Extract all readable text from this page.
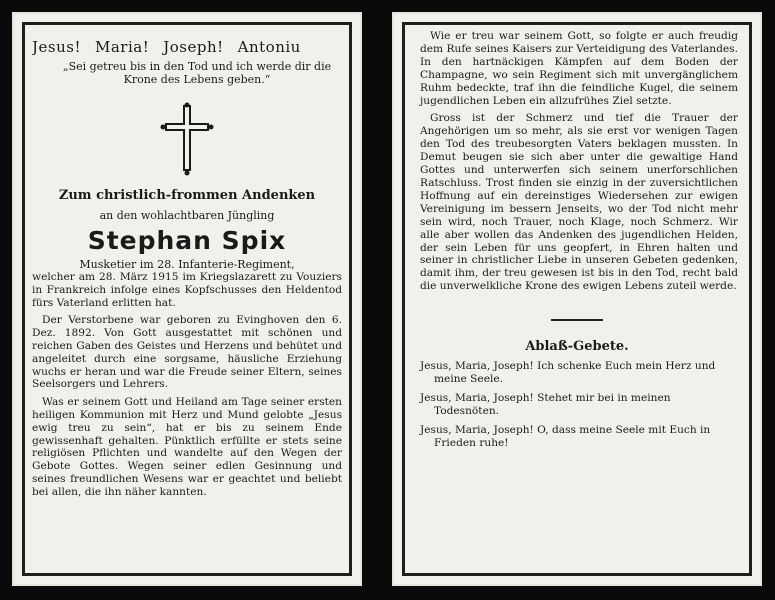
Jesus! Maria! Joseph! Antoniu
„Sei getreu bis in den Tod und ich werde dir die Krone des Lebens geben.“
Zum christlich-frommen Andenken
an den wohlachtbaren Jüngling
Stephan Spix
Musketier im 28. Infanterie-Regiment,

welcher am 28. März 1915 im Kriegslazarett zu Vouziers in Frankreich infolge eines Kopfschusses den Heldentod fürs Vaterland erlitten hat.

Der Verstorbene war geboren zu Evinghoven den 6. Dez. 1892. Von Gott ausgestattet mit schönen und reichen Gaben des Geistes und Herzens und behütet und angeleitet durch eine sorgsame, häusliche Erziehung wuchs er heran und war die Freude seiner Eltern, seines Seelsorgers und Lehrers.

Was er seinem Gott und Heiland am Tage seiner ersten heiligen Kommunion mit Herz und Mund gelobte „Jesus ewig treu zu sein“, hat er bis zu seinem Ende gewissenhaft gehalten. Pünktlich erfüllte er stets seine religiösen Pflichten und wandelte auf den Wegen der Gebote Gottes. Wegen seiner edlen Gesinnung und seines freundlichen Wesens war er geachtet und beliebt bei allen, die ihn näher kannten.

Wie er treu war seinem Gott, so folgte er auch freudig dem Rufe seines Kaisers zur Verteidigung des Vaterlandes. In den hartnäckigen Kämpfen auf dem Boden der Champagne, wo sein Regiment sich mit unvergänglichem Ruhm bedeckte, traf ihn die feindliche Kugel, die seinem jugendlichen Leben ein allzufrühes Ziel setzte.

Gross ist der Schmerz und tief die Trauer der Angehörigen um so mehr, als sie erst vor wenigen Tagen den Tod des treubesorgten Vaters beklagen mussten. In Demut beugen sie sich aber unter die gewaltige Hand Gottes und unterwerfen sich seinem unerforschlichen Ratschluss. Trost finden sie einzig in der zuversichtlichen Hoffnung auf ein dereinstiges Wiedersehen zur ewigen Vereinigung im bessern Jenseits, wo der Tod nicht mehr sein wird, noch Trauer, noch Klage, noch Schmerz. Wir alle aber wollen das Andenken des jugendlichen Helden, der sein Leben für uns geopfert, in Ehren halten und seiner in christlicher Liebe in unseren Gebeten gedenken, damit ihm, der treu gewesen ist bis in den Tod, recht bald die unverwelkliche Krone des ewigen Lebens zuteil werde.

Ablaß-Gebete.
Jesus, Maria, Joseph! Ich schenke Euch mein Herz und meine Seele.
Jesus, Maria, Joseph! Stehet mir bei in meinen Todesnöten.
Jesus, Maria, Joseph! O, dass meine Seele mit Euch in Frieden ruhe!
